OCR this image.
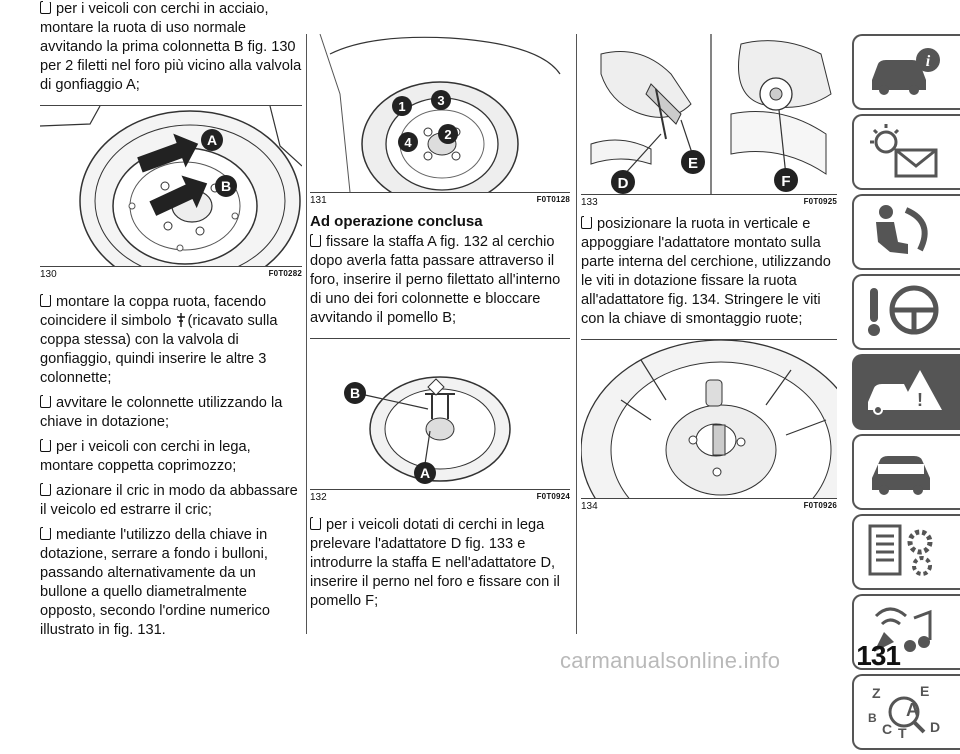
per i veicoli con cerchi in acciaio, montare la ruota di uso normale avvitando la prima colonnetta B fig. 130 per 2 filetti nel foro più vicino alla valvola di gonfiaggio A;

A
B
130	F0T0282

montare la coppa ruota, facendo coincidere il simbolo (ricavato sulla coppa stessa) con la valvola di gonfiaggio, quindi inserire le altre 3 colonnette;

avvitare le colonnette utilizzando la chiave in dotazione;

per i veicoli con cerchi in lega, montare coppetta coprimozzo;

azionare il cric in modo da abbassare il veicolo ed estrarre il cric;

mediante l'utilizzo della chiave in dotazione, serrare a fondo i bulloni, passando alternativamente da un bullone a quello diametralmente opposto, secondo l'ordine numerico illustrato in fig. 131.

1
2
3
4
131	F0T0128
Ad operazione conclusa

fissare la staffa A fig. 132 al cerchio dopo averla fatta passare attraverso il foro, inserire il perno filettato all'interno di uno dei fori colonnette e bloccare avvitando il pomello B;

B
A
132	F0T0924

per i veicoli dotati di cerchi in lega prelevare l'adattatore D fig. 133 e introdurre la staffa E nell'adattatore D, inserire il perno nel foro e fissare con il pomello F;

E
D	F
133	F0T0925

posizionare la ruota in verticale e appoggiare l'adattatore montato sulla parte interna del cerchione, utilizzando le viti in dotazione fissare la ruota all'adattatore fig. 134. Stringere le viti con la chiave di smontaggio ruote;

134	F0T0926
i
!
Z	E
A
B
C T D
131
carmanualsonline.info
